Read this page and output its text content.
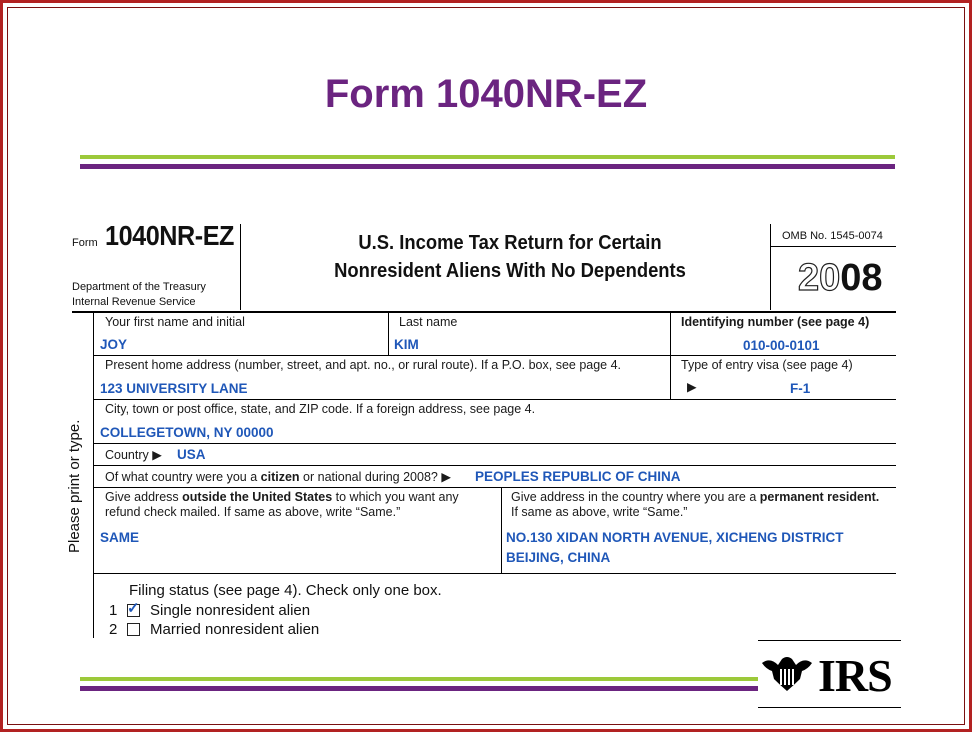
Form 1040NR-EZ
Form 1040NR-EZ
Department of the Treasury
Internal Revenue Service
U.S. Income Tax Return for Certain
Nonresident Aliens With No Dependents
OMB No. 1545-0074
2008
Please print or type.
Your first name and initial
JOY
Last name
KIM
Identifying number (see page 4)
010-00-0101
Present home address (number, street, and apt. no., or rural route). If a P.O. box, see page 4.
123 UNIVERSITY LANE
Type of entry visa (see page 4)
▶	F-1
City, town or post office, state, and ZIP code. If a foreign address, see page 4.
COLLEGETOWN, NY 00000
Country ▶ USA
Of what country were you a citizen or national during 2008? ▶ PEOPLES REPUBLIC OF CHINA
Give address outside the United States to which you want any
refund check mailed. If same as above, write “Same.”
SAME
Give address in the country where you are a permanent resident.
If same as above, write “Same.”
NO.130 XIDAN NORTH AVENUE, XICHENG DISTRICT
BEIJING, CHINA
Filing status (see page 4). Check only one box.
1 ✓ Single nonresident alien
2 Married nonresident alien
IRS
